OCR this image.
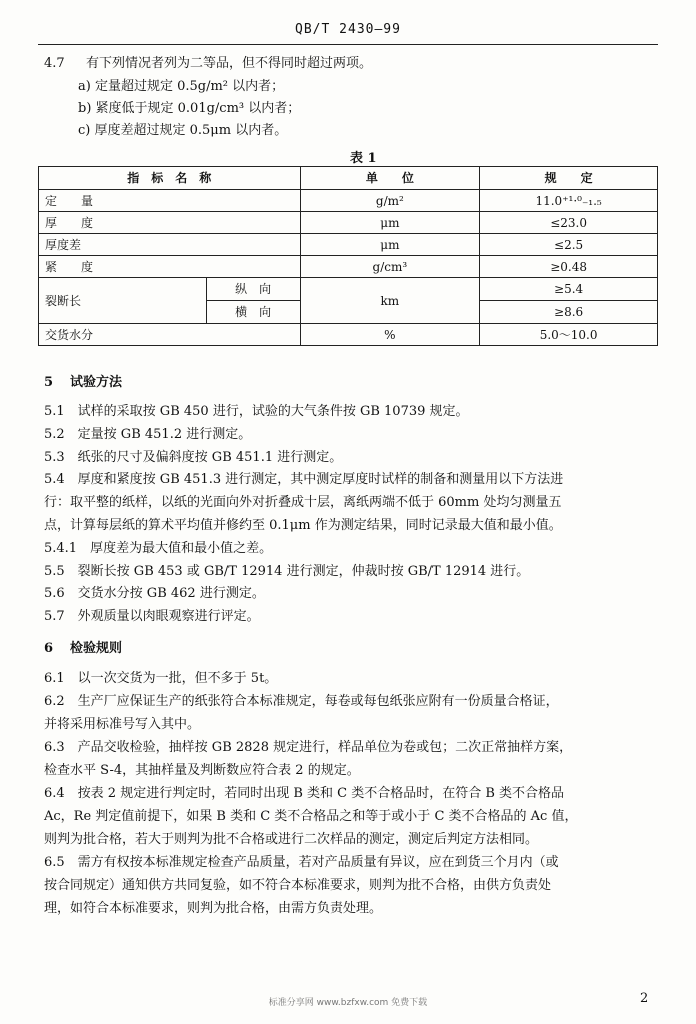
QB/T 2430—99
4.7 有下列情况者列为二等品，但不得同时超过两项。
a) 定量超过规定 0.5g/m² 以内者；
b) 紧度低于规定 0.01g/cm³ 以内者；
c) 厚度差超过规定 0.5μm 以内者。
表 1
指　标　名　称		单　　位	规　　定
定　　量		g/m²	11.0⁺¹·⁰₋₁.₅
厚　　度		μm	≤23.0
厚度差		μm	≤2.5
紧　　度		g/cm³	≥0.48
裂断长	纵　向	km	≥5.4
	横　向		≥8.6
交货水分		%	5.0～10.0
5 试验方法
5.1　试样的采取按 GB 450 进行，试验的大气条件按 GB 10739 规定。
5.2　定量按 GB 451.2 进行测定。
5.3　纸张的尺寸及偏斜度按 GB 451.1 进行测定。
5.4　厚度和紧度按 GB 451.3 进行测定，其中测定厚度时试样的制备和测量用以下方法进
行：取平整的纸样，以纸的光面向外对折叠成十层，离纸两端不低于 60mm 处均匀测量五
点，计算每层纸的算术平均值并修约至 0.1μm 作为测定结果，同时记录最大值和最小值。
5.4.1　厚度差为最大值和最小值之差。
5.5　裂断长按 GB 453 或 GB/T 12914 进行测定，仲裁时按 GB/T 12914 进行。
5.6　交货水分按 GB 462 进行测定。
5.7　外观质量以肉眼观察进行评定。
6 检验规则
6.1　以一次交货为一批，但不多于 5t。
6.2　生产厂应保证生产的纸张符合本标准规定，每卷或每包纸张应附有一份质量合格证，
并将采用标准号写入其中。
6.3　产品交收检验，抽样按 GB 2828 规定进行，样品单位为卷或包；二次正常抽样方案，
检查水平 S-4，其抽样量及判断数应符合表 2 的规定。
6.4　按表 2 规定进行判定时，若同时出现 B 类和 C 类不合格品时，在符合 B 类不合格品
Ac，Re 判定值前提下，如果 B 类和 C 类不合格品之和等于或小于 C 类不合格品的 Ac 值，
则判为批合格，若大于则判为批不合格或进行二次样品的测定，测定后判定方法相同。
6.5　需方有权按本标准规定检查产品质量，若对产品质量有异议，应在到货三个月内（或
按合同规定）通知供方共同复验，如不符合本标准要求，则判为批不合格，由供方负责处
理，如符合本标准要求，则判为批合格，由需方负责处理。
标准分享网 www.bzfxw.com 免费下载	2
